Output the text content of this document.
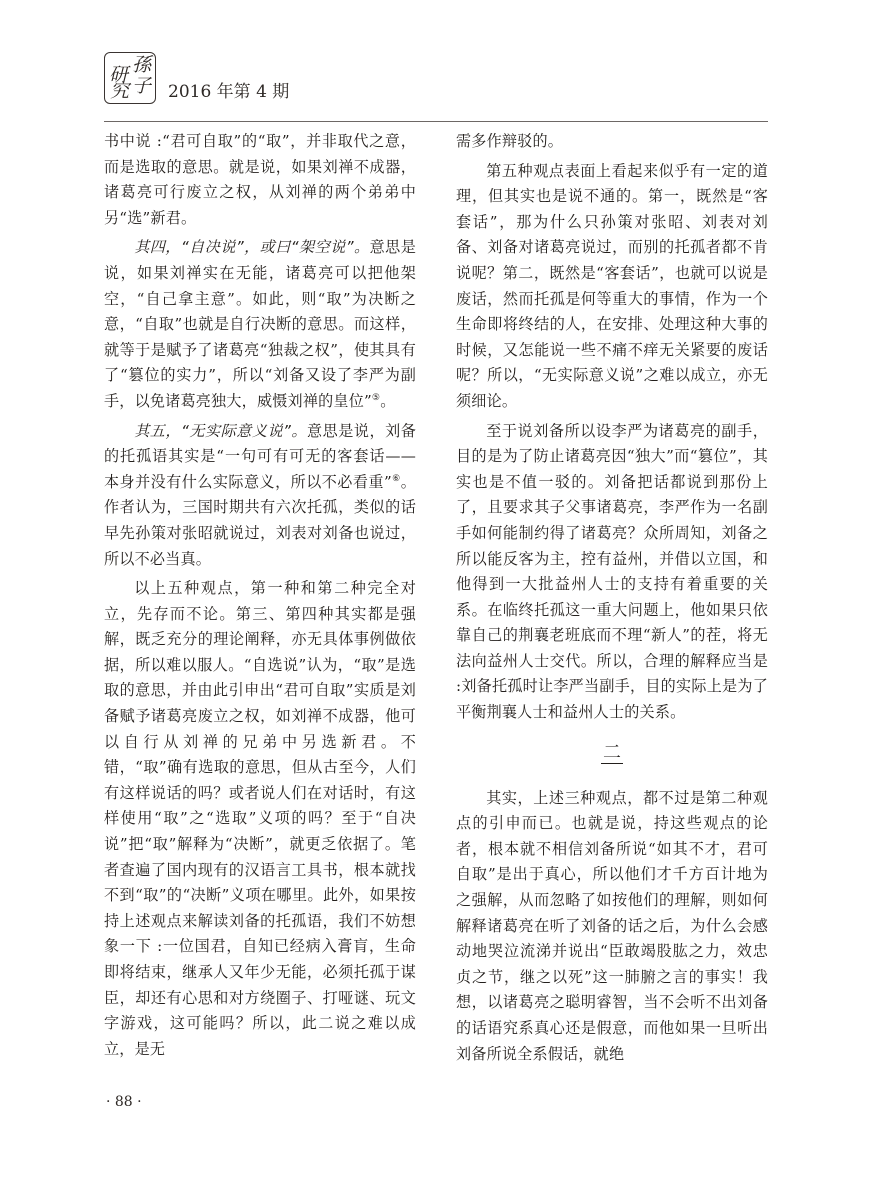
研 孫
究 子 2016 年第 4 期

书中说 :“君可自取”的“取”，并非取代之意，而是选取的意思。就是说，如果刘禅不成器，诸葛亮可行废立之权，从刘禅的两个弟弟中另“选”新君。

其四，“自决说”，或曰“架空说”。意思是说，如果刘禅实在无能，诸葛亮可以把他架空，“自己拿主意”。如此，则“取”为决断之意，“自取”也就是自行决断的意思。而这样，就等于是赋予了诸葛亮“独裁之权”，使其具有了“篡位的实力”，所以“刘备又设了李严为副手，以免诸葛亮独大，威慑刘禅的皇位”⑤。

其五，“无实际意义说”。意思是说，刘备的托孤语其实是“一句可有可无的客套话——本身并没有什么实际意义，所以不必看重”⑥。作者认为，三国时期共有六次托孤，类似的话早先孙策对张昭就说过，刘表对刘备也说过，所以不必当真。

以上五种观点，第一种和第二种完全对立，先存而不论。第三、第四种其实都是强解，既乏充分的理论阐释，亦无具体事例做依据，所以难以服人。“自选说”认为，“取”是选取的意思，并由此引申出“君可自取”实质是刘备赋予诸葛亮废立之权，如刘禅不成器，他可以自行从刘禅的兄弟中另选新君。不错，“取”确有选取的意思，但从古至今，人们有这样说话的吗？或者说人们在对话时，有这样使用“取”之“选取”义项的吗？至于“自决说”把“取”解释为“决断”，就更乏依据了。笔者查遍了国内现有的汉语言工具书，根本就找不到“取”的“决断”义项在哪里。此外，如果按持上述观点来解读刘备的托孤语，我们不妨想象一下 :一位国君，自知已经病入膏肓，生命即将结束，继承人又年少无能，必须托孤于谋臣，却还有心思和对方绕圈子、打哑谜、玩文字游戏，这可能吗？所以，此二说之难以成立，是无

需多作辩驳的。

第五种观点表面上看起来似乎有一定的道理，但其实也是说不通的。第一，既然是“客套话”，那为什么只孙策对张昭、刘表对刘备、刘备对诸葛亮说过，而别的托孤者都不肯说呢？第二，既然是“客套话”，也就可以说是废话，然而托孤是何等重大的事情，作为一个生命即将终结的人，在安排、处理这种大事的时候，又怎能说一些不痛不痒无关紧要的废话呢？所以，“无实际意义说”之难以成立，亦无须细论。

至于说刘备所以设李严为诸葛亮的副手，目的是为了防止诸葛亮因“独大”而“篡位”，其实也是不值一驳的。刘备把话都说到那份上了，且要求其子父事诸葛亮，李严作为一名副手如何能制约得了诸葛亮？众所周知，刘备之所以能反客为主，控有益州，并借以立国，和他得到一大批益州人士的支持有着重要的关系。在临终托孤这一重大问题上，他如果只依靠自己的荆襄老班底而不理“新人”的茬，将无法向益州人士交代。所以，合理的解释应当是 :刘备托孤时让李严当副手，目的实际上是为了平衡荆襄人士和益州人士的关系。

二

其实，上述三种观点，都不过是第二种观点的引申而已。也就是说，持这些观点的论者，根本就不相信刘备所说“如其不才，君可自取”是出于真心，所以他们才千方百计地为之强解，从而忽略了如按他们的理解，则如何解释诸葛亮在听了刘备的话之后，为什么会感动地哭泣流涕并说出“臣敢竭股肱之力，效忠贞之节，继之以死”这一肺腑之言的事实！我想，以诸葛亮之聪明睿智，当不会听不出刘备的话语究系真心还是假意，而他如果一旦听出刘备所说全系假话，就绝

· 88 ·
